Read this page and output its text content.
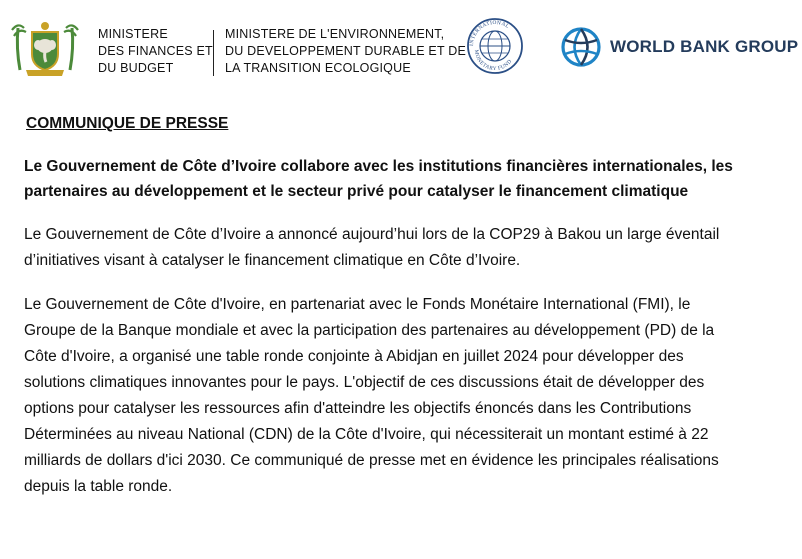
MINISTERE
DES FINANCES ET
DU BUDGET
MINISTERE DE L'ENVIRONNEMENT,
DU DEVELOPPEMENT DURABLE ET DE
LA TRANSITION ECOLOGIQUE
INTERNATIONAL
MONETARY FUND
WORLD BANK GROUP
COMMUNIQUE DE PRESSE
Le Gouvernement de Côte d’Ivoire collabore avec les institutions financières internationales, les partenaires au développement et le secteur privé pour catalyser le financement climatique
Le Gouvernement de Côte d’Ivoire a annoncé aujourd’hui lors de la COP29 à Bakou un large éventail d’initiatives visant à catalyser le financement climatique en Côte d’Ivoire.
Le Gouvernement de Côte d'Ivoire, en partenariat avec le Fonds Monétaire International (FMI), le Groupe de la Banque mondiale et avec la participation des partenaires au développement (PD) de la Côte d'Ivoire, a organisé une table ronde conjointe à Abidjan en juillet 2024 pour développer des solutions climatiques innovantes pour le pays. L'objectif de ces discussions était de développer des options pour catalyser les ressources afin d'atteindre les objectifs énoncés dans les Contributions Déterminées au niveau National (CDN) de la Côte d'Ivoire, qui nécessiterait un montant estimé à 22 milliards de dollars d'ici 2030. Ce communiqué de presse met en évidence les principales réalisations depuis la table ronde.
